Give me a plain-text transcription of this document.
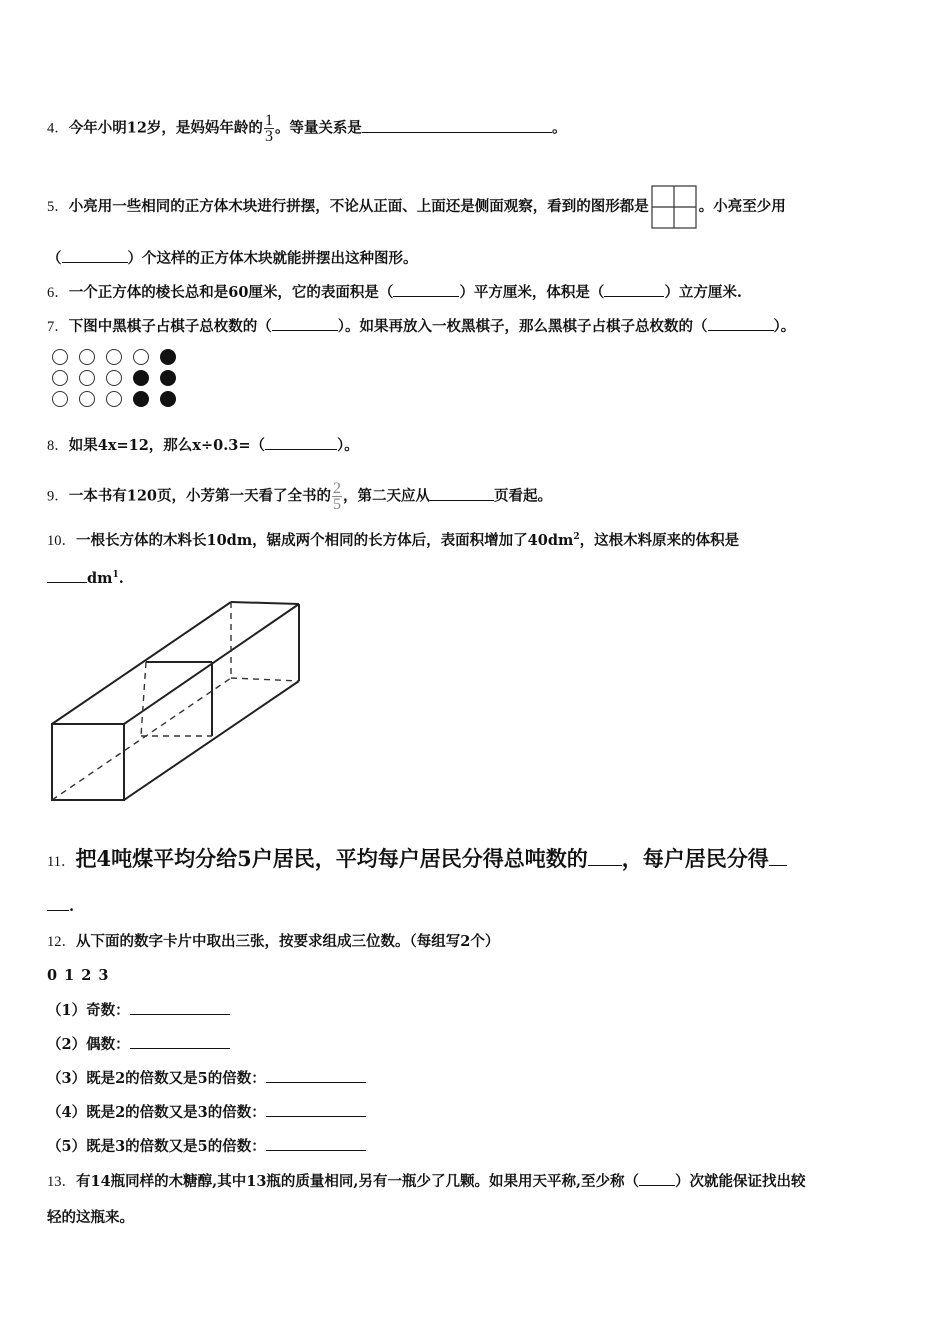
4．今年小明12岁，是妈妈年龄的 $\frac{1}{3}$ 。等量关系是	。
5．小亮用一些相同的正方体木块进行拼摆，不论从正面、上面还是侧面观察，看到的图形都是	。小亮至少用
（	）个这样的正方体木块就能拼摆出这种图形。
6．一个正方体的棱长总和是60厘米，它的表面积是（	）平方厘米，体积是（	）立方厘米.
7．下图中黑棋子占棋子总枚数的（	）。如果再放入一枚黑棋子，那么黑棋子占棋子总枚数的（	）。
8．如果4x=12，那么x÷0.3=（	）。
9．一本书有120页，小芳第一天看了全书的 $\frac{2}{5}$ ，第二天应从	页看起。
10．一根长方体的木料长10dm，锯成两个相同的长方体后，表面积增加了$40dm^2$，这根木料原来的体积是
$dm^1$.
11．把4吨煤平均分给5户居民，平均每户居民分得总吨数的 ，每户居民分得
.
12．从下面的数字卡片中取出三张，按要求组成三位数。（每组写2个）
0 1 2 3
（1）奇数：
（2）偶数：
（3）既是2的倍数又是5的倍数：
（4）既是2的倍数又是3的倍数：
（5）既是3的倍数又是5的倍数：
13．有14瓶同样的木糖醇,其中13瓶的质量相同,另有一瓶少了几颗。如果用天平称,至少称（ ）次就能保证找出较
轻的这瓶来。
